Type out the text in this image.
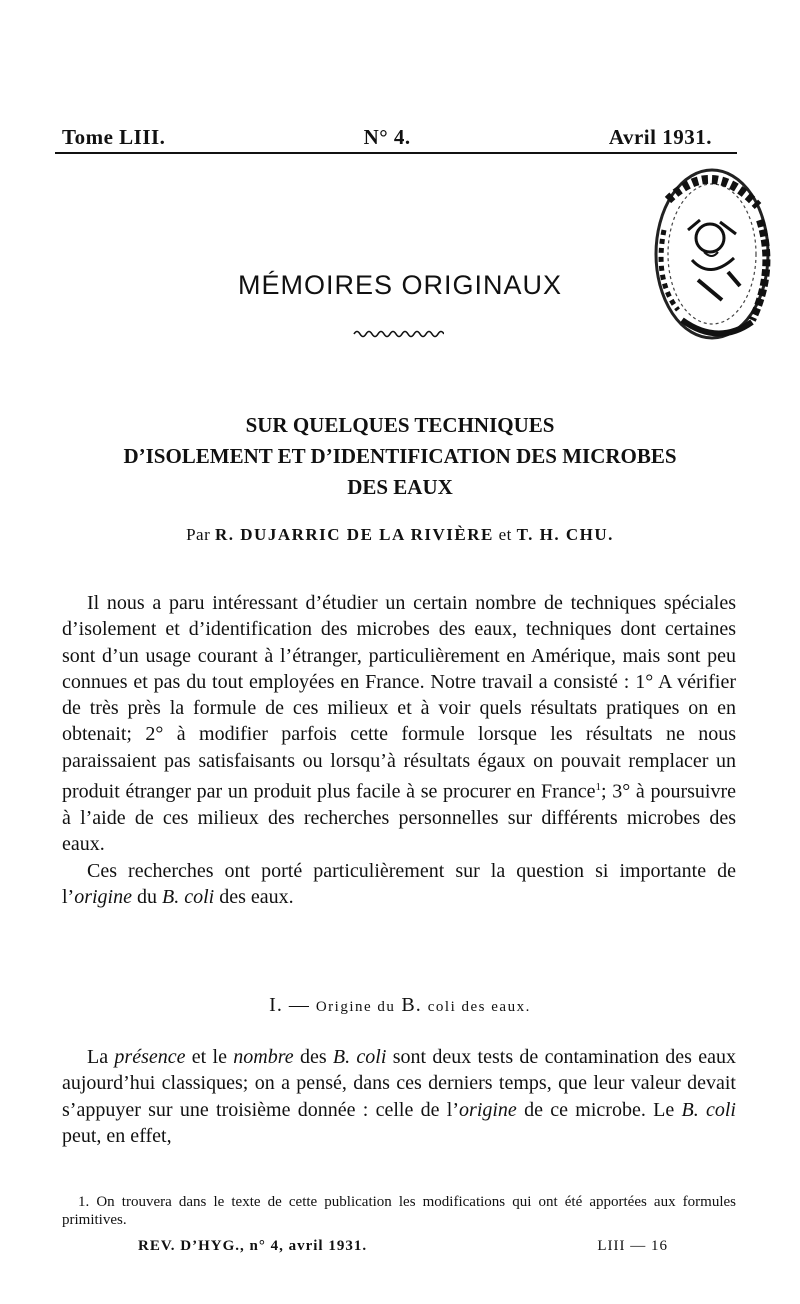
Tome LIII.	N° 4.	Avril 1931.
MÉMOIRES ORIGINAUX
SUR QUELQUES TECHNIQUES
D’ISOLEMENT ET D’IDENTIFICATION DES MICROBES
DES EAUX
Par R. DUJARRIC DE LA RIVIÈRE et T. H. CHU.

Il nous a paru intéressant d’étudier un certain nombre de techniques spéciales d’isolement et d’identification des microbes des eaux, techniques dont certaines sont d’un usage courant à l’étranger, particulièrement en Amérique, mais sont peu connues et pas du tout employées en France. Notre travail a consisté : 1° A vérifier de très près la formule de ces milieux et à voir quels résultats pratiques on en obtenait; 2° à modifier parfois cette formule lorsque les résultats ne nous paraissaient pas satisfaisants ou lorsqu’à résultats égaux on pouvait remplacer un produit étranger par un produit plus facile à se procurer en France$^1$; 3° à poursuivre à l’aide de ces milieux des recherches personnelles sur différents microbes des eaux.

Ces recherches ont porté particulièrement sur la question si importante de l’origine du B. coli des eaux.

I. — Origine du B. coli des eaux.

La présence et le nombre des B. coli sont deux tests de contamination des eaux aujourd’hui classiques; on a pensé, dans ces derniers temps, que leur valeur devait s’appuyer sur une troisième donnée : celle de l’origine de ce microbe. Le B. coli peut, en effet,

1. On trouvera dans le texte de cette publication les modifications qui ont été apportées aux formules primitives.

REV. D’HYG., n° 4, avril 1931.	LIII — 16
